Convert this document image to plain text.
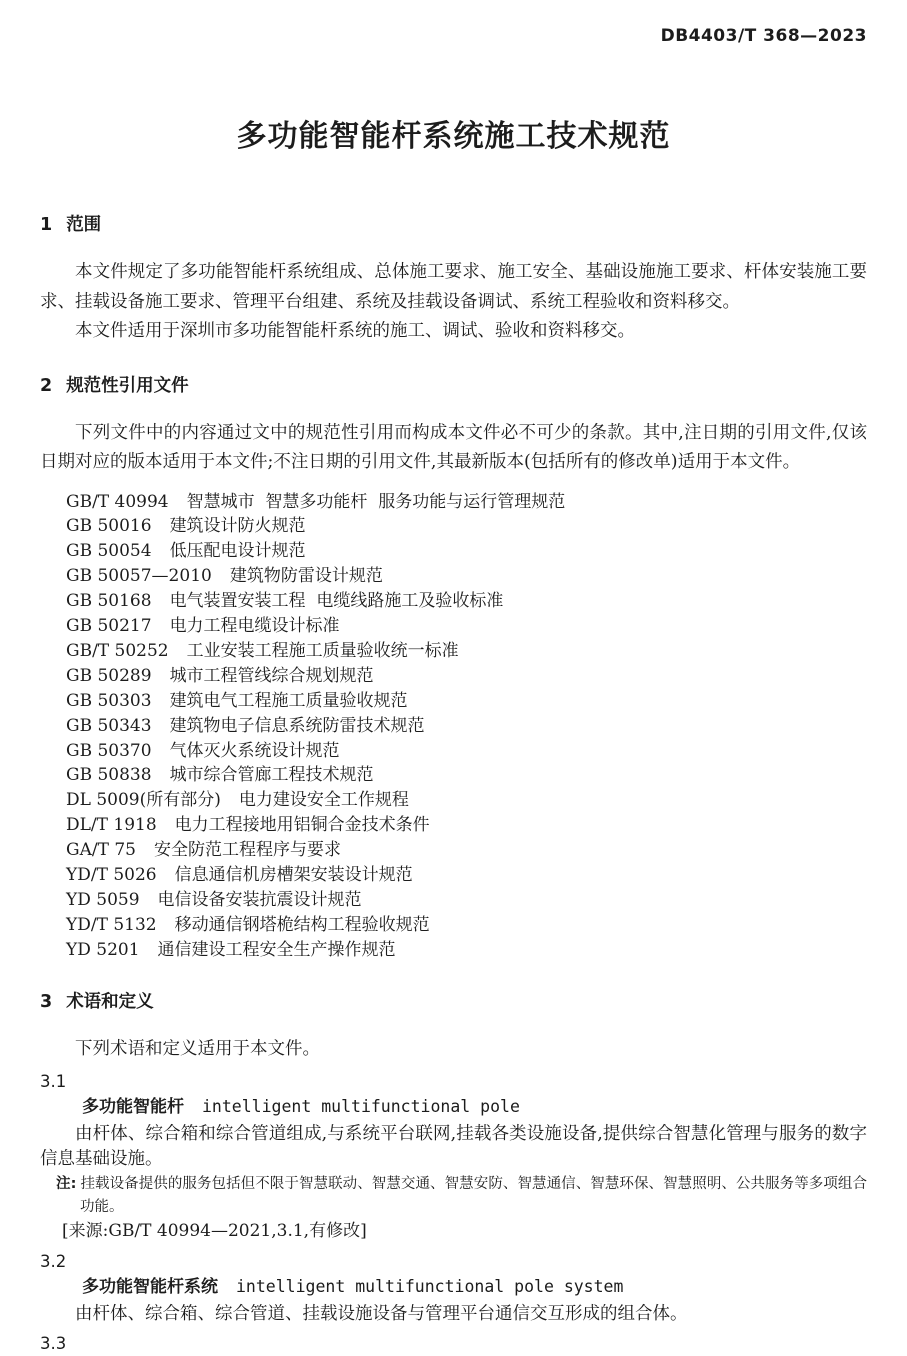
DB4403/T 368—2023
多功能智能杆系统施工技术规范
1 范围

本文件规定了多功能智能杆系统组成、总体施工要求、施工安全、基础设施施工要求、杆体安装施工要求、挂载设备施工要求、管理平台组建、系统及挂载设备调试、系统工程验收和资料移交。

本文件适用于深圳市多功能智能杆系统的施工、调试、验收和资料移交。

2 规范性引用文件

下列文件中的内容通过文中的规范性引用而构成本文件必不可少的条款。其中,注日期的引用文件,仅该日期对应的版本适用于本文件;不注日期的引用文件,其最新版本(包括所有的修改单)适用于本文件。

GB/T 40994 智慧城市  智慧多功能杆  服务功能与运行管理规范
GB 50016 建筑设计防火规范
GB 50054 低压配电设计规范
GB 50057—2010 建筑物防雷设计规范
GB 50168 电气装置安装工程  电缆线路施工及验收标准
GB 50217 电力工程电缆设计标准
GB/T 50252 工业安装工程施工质量验收统一标准
GB 50289 城市工程管线综合规划规范
GB 50303 建筑电气工程施工质量验收规范
GB 50343 建筑物电子信息系统防雷技术规范
GB 50370 气体灭火系统设计规范
GB 50838 城市综合管廊工程技术规范
DL 5009(所有部分) 电力建设安全工作规程
DL/T 1918 电力工程接地用铝铜合金技术条件
GA/T 75 安全防范工程程序与要求
YD/T 5026 信息通信机房槽架安装设计规范
YD 5059 电信设备安装抗震设计规范
YD/T 5132 移动通信钢塔桅结构工程验收规范
YD 5201 通信建设工程安全生产操作规范
3 术语和定义

下列术语和定义适用于本文件。

3.1
多功能智能杆 intelligent multifunctional pole

由杆体、综合箱和综合管道组成,与系统平台联网,挂载各类设施设备,提供综合智慧化管理与服务的数字信息基础设施。

注: 挂载设备提供的服务包括但不限于智慧联动、智慧交通、智慧安防、智慧通信、智慧环保、智慧照明、公共服务等多项组合功能。
[来源:GB/T 40994—2021,3.1,有修改]
3.2
多功能智能杆系统 intelligent multifunctional pole system

由杆体、综合箱、综合管道、挂载设施设备与管理平台通信交互形成的组合体。

3.3
